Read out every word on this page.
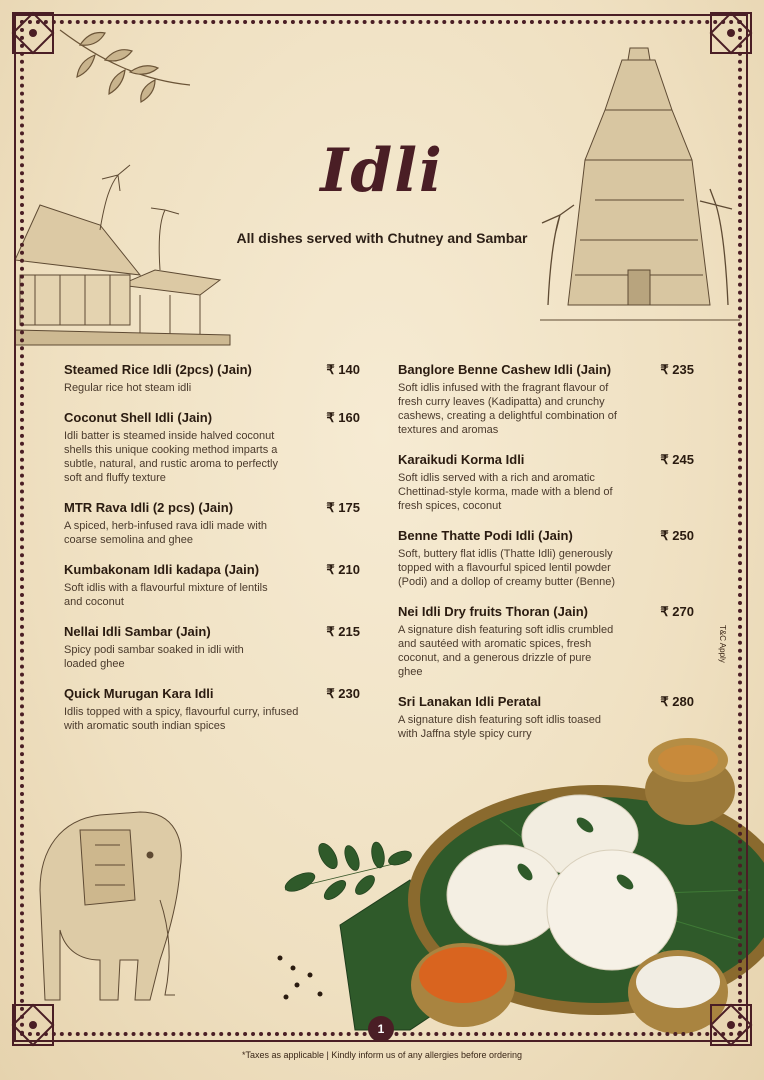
Idli

All dishes served with Chutney and Sambar

Steamed Rice Idli (2pcs) (Jain)	₹ 140

Regular rice hot steam idli

Coconut Shell Idli (Jain)	₹ 160

Idli batter is steamed inside halved coconut shells this unique cooking method imparts a subtle, natural, and rustic aroma to perfectly soft and fluffy texture

MTR Rava Idli (2 pcs) (Jain)	₹ 175

A spiced, herb-infused rava idli made with coarse semolina and ghee

Kumbakonam Idli kadapa (Jain)	₹ 210

Soft idlis with a flavourful mixture of lentils and coconut

Nellai Idli Sambar (Jain)	₹ 215

Spicy podi sambar soaked in idli with loaded ghee

Quick Murugan Kara Idli	₹ 230

Idlis topped with a spicy, flavourful curry, infused with aromatic south indian spices

Banglore Benne Cashew Idli (Jain)	₹ 235

Soft idlis infused with the fragrant flavour of fresh curry leaves (Kadipatta) and crunchy cashews, creating a delightful combination of textures and aromas

Karaikudi Korma Idli	₹ 245

Soft idlis served with a rich and aromatic Chettinad-style korma, made with a blend of fresh spices, coconut

Benne Thatte Podi Idli (Jain)	₹ 250

Soft, buttery flat idlis (Thatte Idli) generously topped with a flavourful spiced lentil powder (Podi) and a dollop of creamy butter (Benne)

Nei Idli Dry fruits Thoran (Jain)	₹ 270

A signature dish featuring soft idlis crumbled and sautéed with aromatic spices, fresh coconut, and a generous drizzle of pure ghee

Sri Lanakan Idli Peratal	₹ 280

A signature dish featuring soft idlis toased with Jaffna style spicy curry

T&C Apply

1

*Taxes as applicable | Kindly inform us of any allergies before ordering
